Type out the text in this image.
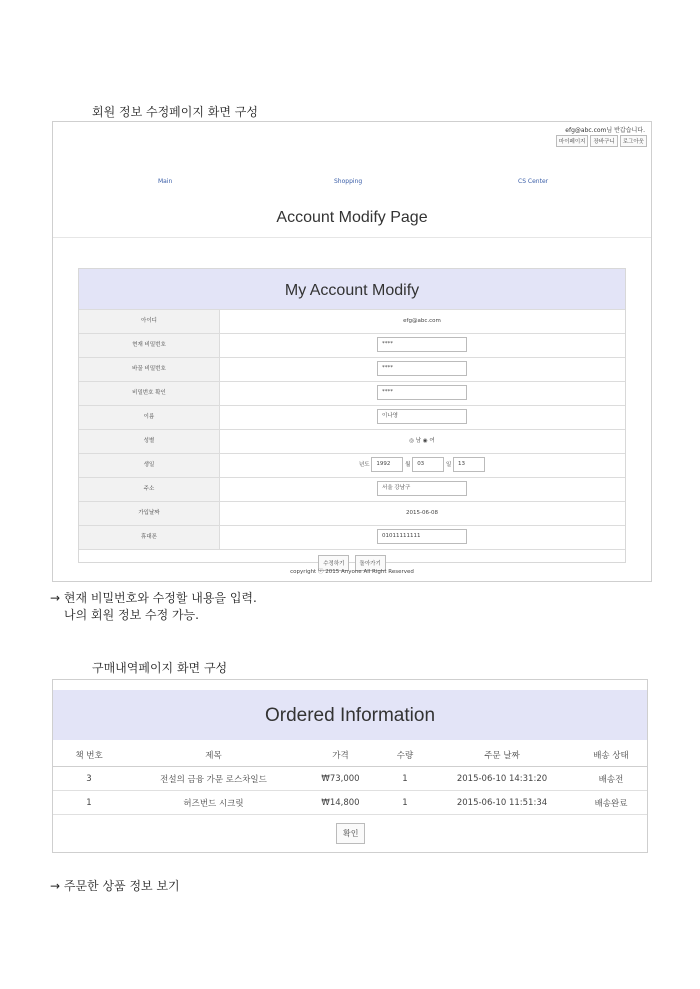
회원 정보 수정페이지 화면 구성
efg@abc.com님 반갑습니다.
마이페이지	장바구니	로그아웃
Main	Shopping	CS Center
Account Modify Page
My Account Modify
아이디	efg@abc.com
현재 비밀번호	****
바꿀 비밀번호	****
비밀번호 확인	****
이름	이나영
성별	◎ 남 ◉ 여
생일	년도 1992	월 03	일 13
주소	서울 강남구
가입날짜	2015-06-08
휴대폰	01011111111
수정하기	돌아가기
copyright ⓒ 2015 Anyone All Right Reserved
→ 현재 비밀번호와 수정할 내용을 입력.
나의 회원 정보 수정 가능.
구매내역페이지 화면 구성
Ordered Information
책 번호	제목	가격	수량	주문 날짜	배송 상태
3	전설의 금융 가문 로스차일드	₩73,000	1	2015-06-10 14:31:20	배송전
1	허즈번드 시크릿	₩14,800	1	2015-06-10 11:51:34	배송완료
확인
→ 주문한 상품 정보 보기
